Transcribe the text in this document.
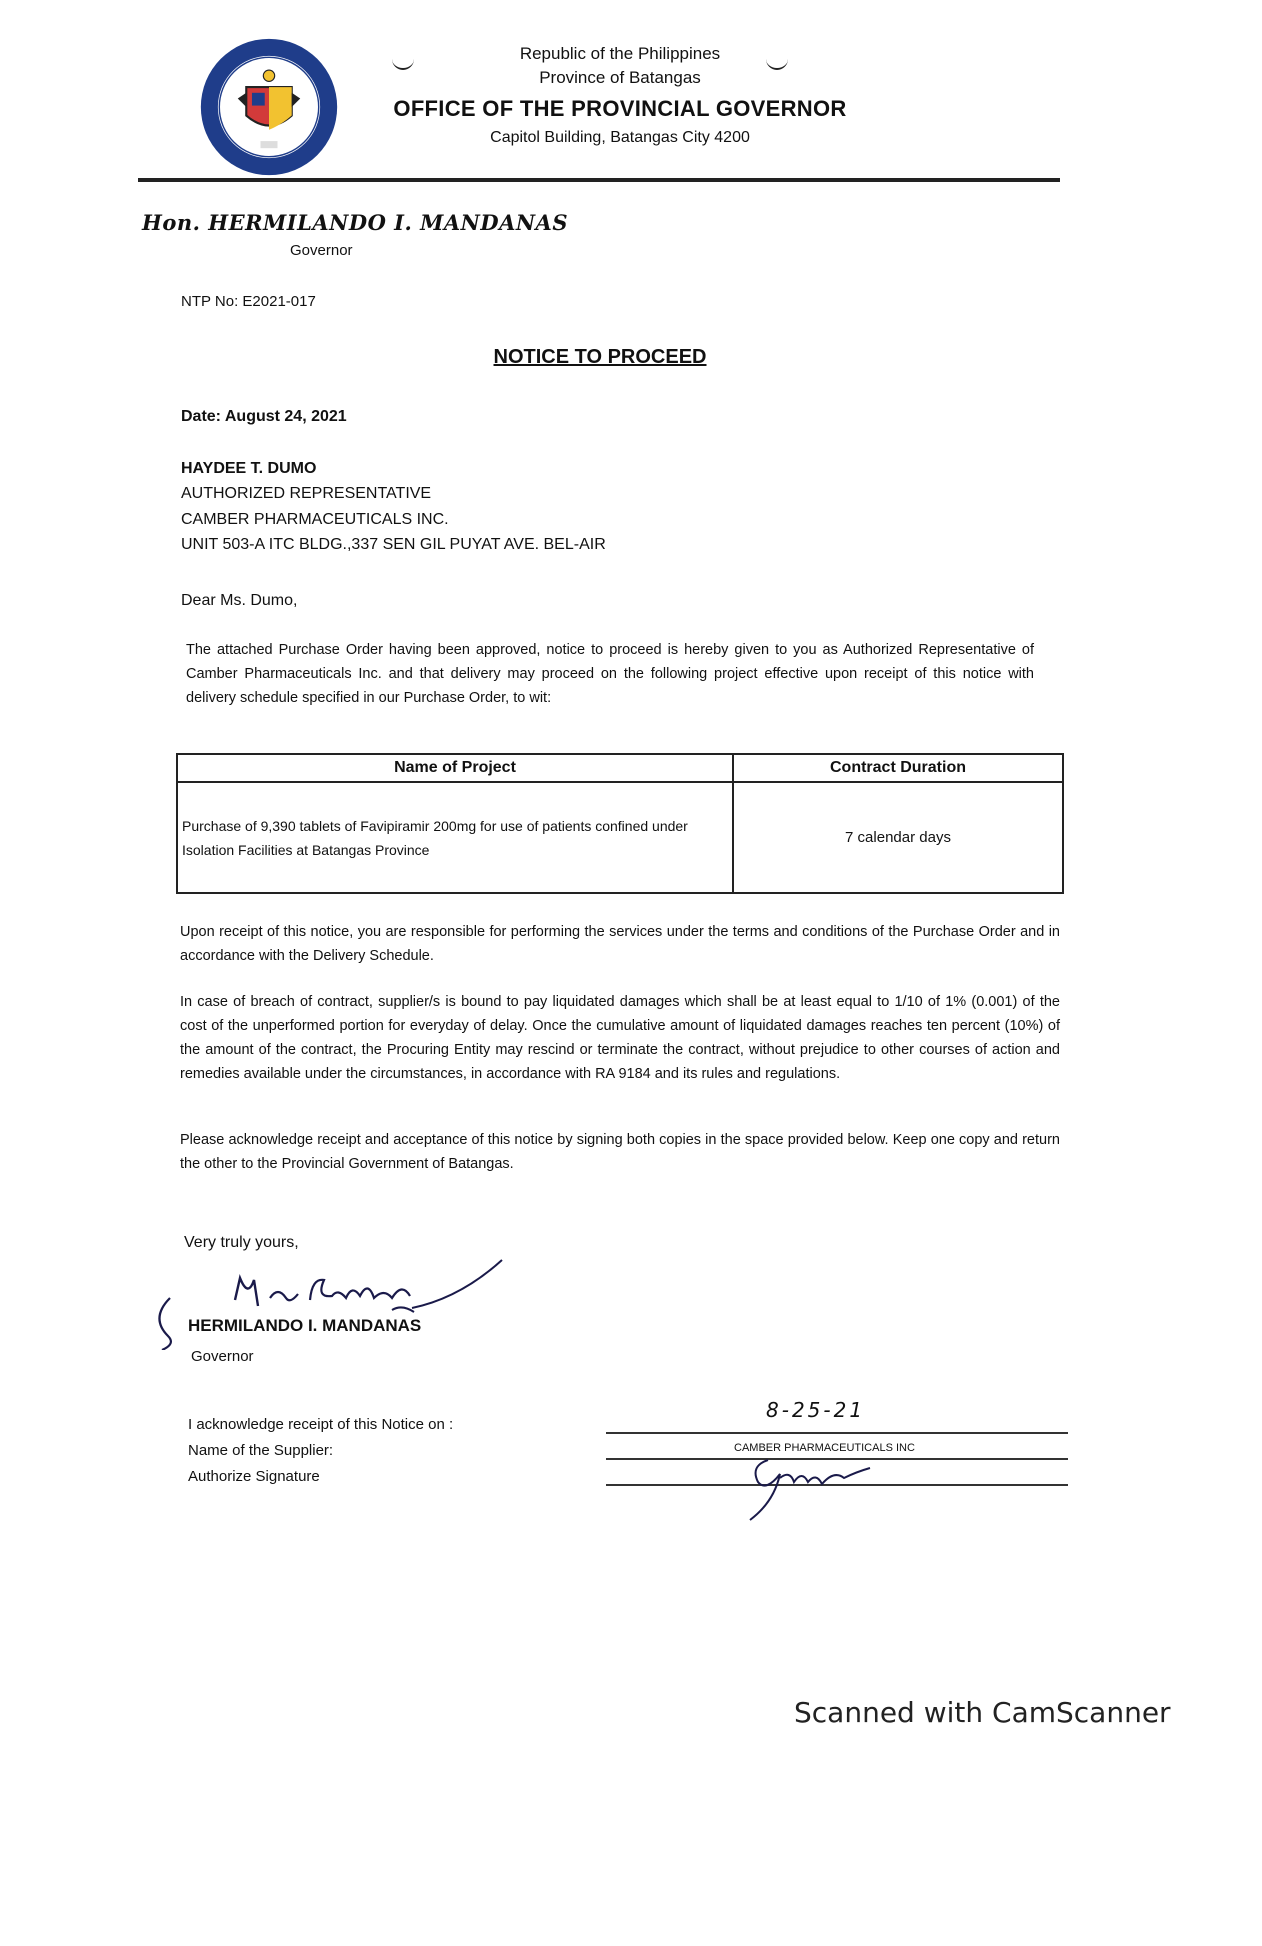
Republic of the Philippines
Province of Batangas
OFFICE OF THE PROVINCIAL GOVERNOR
Capitol Building, Batangas City 4200
Hon. HERMILANDO I. MANDANAS
Governor
NTP No: E2021-017
NOTICE TO PROCEED
Date: August 24, 2021
HAYDEE T. DUMO
AUTHORIZED REPRESENTATIVE
CAMBER PHARMACEUTICALS INC.
UNIT 503-A ITC BLDG.,337 SEN GIL PUYAT AVE. BEL-AIR
Dear Ms. Dumo,
The attached Purchase Order having been approved, notice to proceed is hereby given to you as Authorized Representative of Camber Pharmaceuticals Inc. and that delivery may proceed on the following project effective upon receipt of this notice with delivery schedule specified in our Purchase Order, to wit:
Name of Project	Contract Duration
Purchase of 9,390 tablets of Favipiramir 200mg for use of patients confined under Isolation Facilities at Batangas Province	7 calendar days
Upon receipt of this notice, you are responsible for performing the services under the terms and conditions of the Purchase Order and in accordance with the Delivery Schedule.
In case of breach of contract, supplier/s is bound to pay liquidated damages which shall be at least equal to 1/10 of 1% (0.001) of the cost of the unperformed portion for everyday of delay. Once the cumulative amount of liquidated damages reaches ten percent (10%) of the amount of the contract, the Procuring Entity may rescind or terminate the contract, without prejudice to other courses of action and remedies available under the circumstances, in accordance with RA 9184 and its rules and regulations.
Please acknowledge receipt and acceptance of this notice by signing both copies in the space provided below. Keep one copy and return the other to the Provincial Government of Batangas.
Very truly yours,
HERMILANDO I. MANDANAS
Governor
I acknowledge receipt of this Notice on :
Name of the Supplier:
Authorize Signature
8-25-21
CAMBER PHARMACEUTICALS INC
Scanned with CamScanner
